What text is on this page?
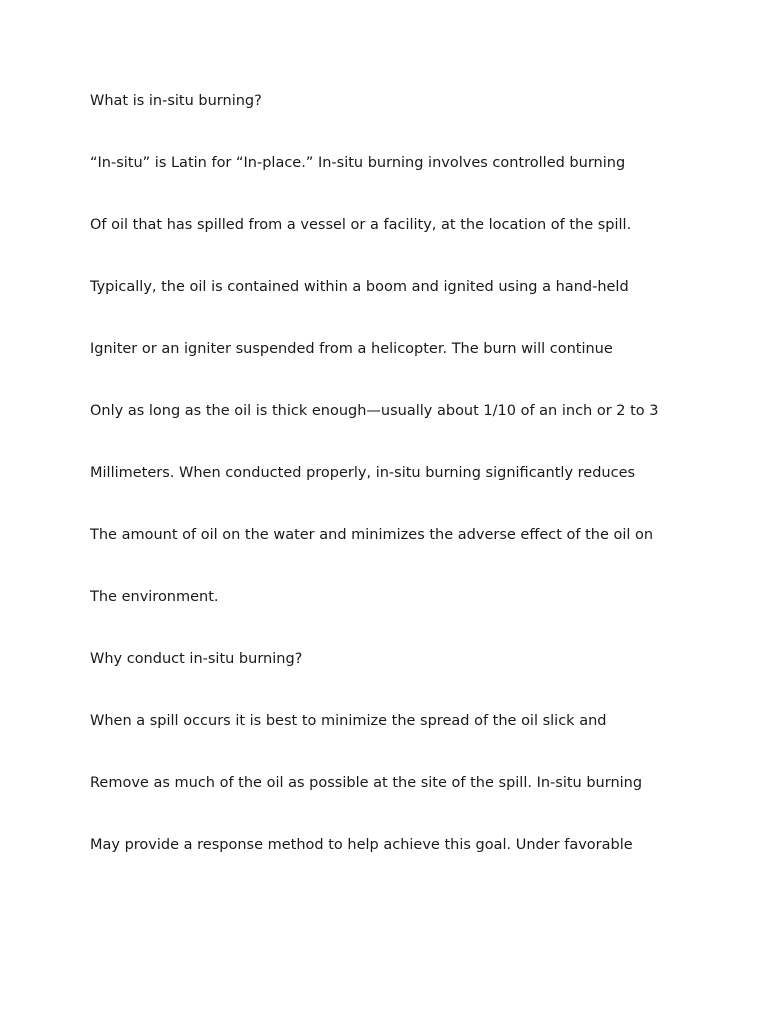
What is in-situ burning?

“In-situ” is Latin for “In-place.” In-situ burning involves controlled burning

Of oil that has spilled from a vessel or a facility, at the location of the spill.

Typically, the oil is contained within a boom and ignited using a hand-held

Igniter or an igniter suspended from a helicopter. The burn will continue

Only as long as the oil is thick enough—usually about 1/10 of an inch or 2 to 3

Millimeters. When conducted properly, in-situ burning significantly reduces

The amount of oil on the water and minimizes the adverse effect of the oil on

The environment.

Why conduct in-situ burning?

When a spill occurs it is best to minimize the spread of the oil slick and

Remove as much of the oil as possible at the site of the spill. In-situ burning

May provide a response method to help achieve this goal. Under favorable
